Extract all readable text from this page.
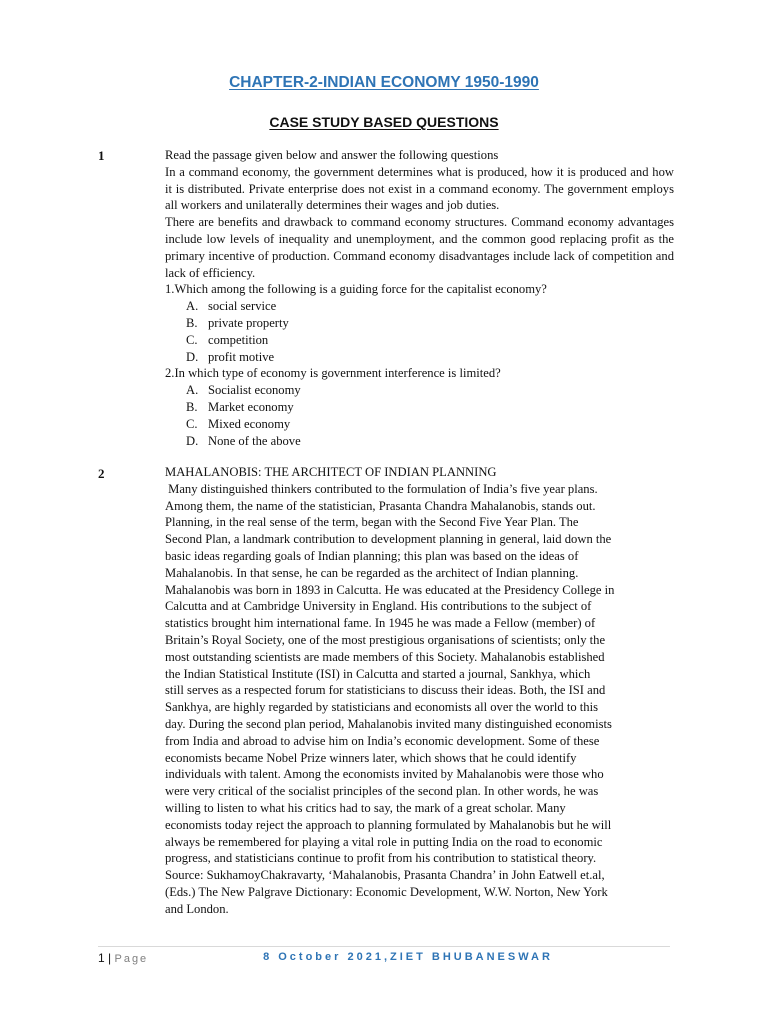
CHAPTER-2-INDIAN ECONOMY 1950-1990
CASE STUDY BASED QUESTIONS
1	Read the passage given below and answer the following questions

In a command economy, the government determines what is produced, how it is produced and how it is distributed. Private enterprise does not exist in a command economy. The government employs all workers and unilaterally determines their wages and job duties.

There are benefits and drawback to command economy structures. Command economy advantages include low levels of inequality and unemployment, and the common good replacing profit as the primary incentive of production. Command economy disadvantages include lack of competition and lack of efficiency.

1.Which among the following is a guiding force for the capitalist economy?

A. social service
B. private property
C. competition
D. profit motive

2.In which type of economy is government interference is limited?

A. Socialist economy
B. Market economy
C. Mixed economy
D. None of the above
2	MAHALANOBIS: THE ARCHITECT OF INDIAN PLANNING

Many distinguished thinkers contributed to the formulation of India’s five year plans.
Among them, the name of the statistician, Prasanta Chandra Mahalanobis, stands out.
Planning, in the real sense of the term, began with the Second Five Year Plan. The
Second Plan, a landmark contribution to development planning in general, laid down the
basic ideas regarding goals of Indian planning; this plan was based on the ideas of
Mahalanobis. In that sense, he can be regarded as the architect of Indian planning.
Mahalanobis was born in 1893 in Calcutta. He was educated at the Presidency College in
Calcutta and at Cambridge University in England. His contributions to the subject of
statistics brought him international fame. In 1945 he was made a Fellow (member) of
Britain’s Royal Society, one of the most prestigious organisations of scientists; only the
most outstanding scientists are made members of this Society. Mahalanobis established
the Indian Statistical Institute (ISI) in Calcutta and started a journal, Sankhya, which
still serves as a respected forum for statisticians to discuss their ideas. Both, the ISI and
Sankhya, are highly regarded by statisticians and economists all over the world to this
day. During the second plan period, Mahalanobis invited many distinguished economists
from India and abroad to advise him on India’s economic development. Some of these
economists became Nobel Prize winners later, which shows that he could identify
individuals with talent. Among the economists invited by Mahalanobis were those who
were very critical of the socialist principles of the second plan. In other words, he was
willing to listen to what his critics had to say, the mark of a great scholar. Many
economists today reject the approach to planning formulated by Mahalanobis but he will
always be remembered for playing a vital role in putting India on the road to economic
progress, and statisticians continue to profit from his contribution to statistical theory.
Source: SukhamoyChakravarty, ‘Mahalanobis, Prasanta Chandra’ in John Eatwell et.al,
(Eds.) The New Palgrave Dictionary: Economic Development, W.W. Norton, New York
and London.
1 | Page	8 October 2021,ZIET BHUBANESWAR
